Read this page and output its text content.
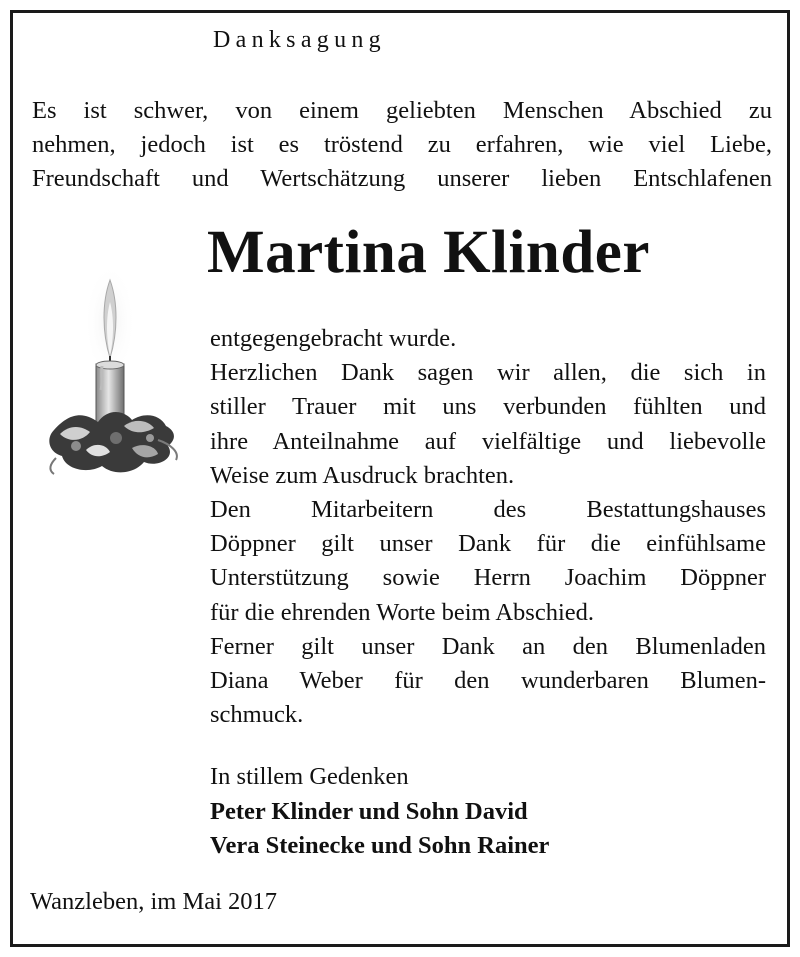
Danksagung
Es ist schwer, von einem geliebten Menschen Abschied zu
nehmen, jedoch ist es tröstend zu erfahren, wie viel Liebe,
Freundschaft und Wertschätzung unserer lieben Entschlafenen
Martina Klinder
entgegengebracht wurde.
Herzlichen Dank sagen wir allen, die sich in
stiller Trauer mit uns verbunden fühlten und
ihre Anteilnahme auf vielfältige und liebevolle
Weise zum Ausdruck brachten.
Den Mitarbeitern des Bestattungshauses
Döppner gilt unser Dank für die einfühlsame
Unterstützung sowie Herrn Joachim Döppner
für die ehrenden Worte beim Abschied.
Ferner gilt unser Dank an den Blumenladen
Diana Weber für den wunderbaren Blumen-
schmuck.
In stillem Gedenken
Peter Klinder und Sohn David
Vera Steinecke und Sohn Rainer
Wanzleben, im Mai 2017
